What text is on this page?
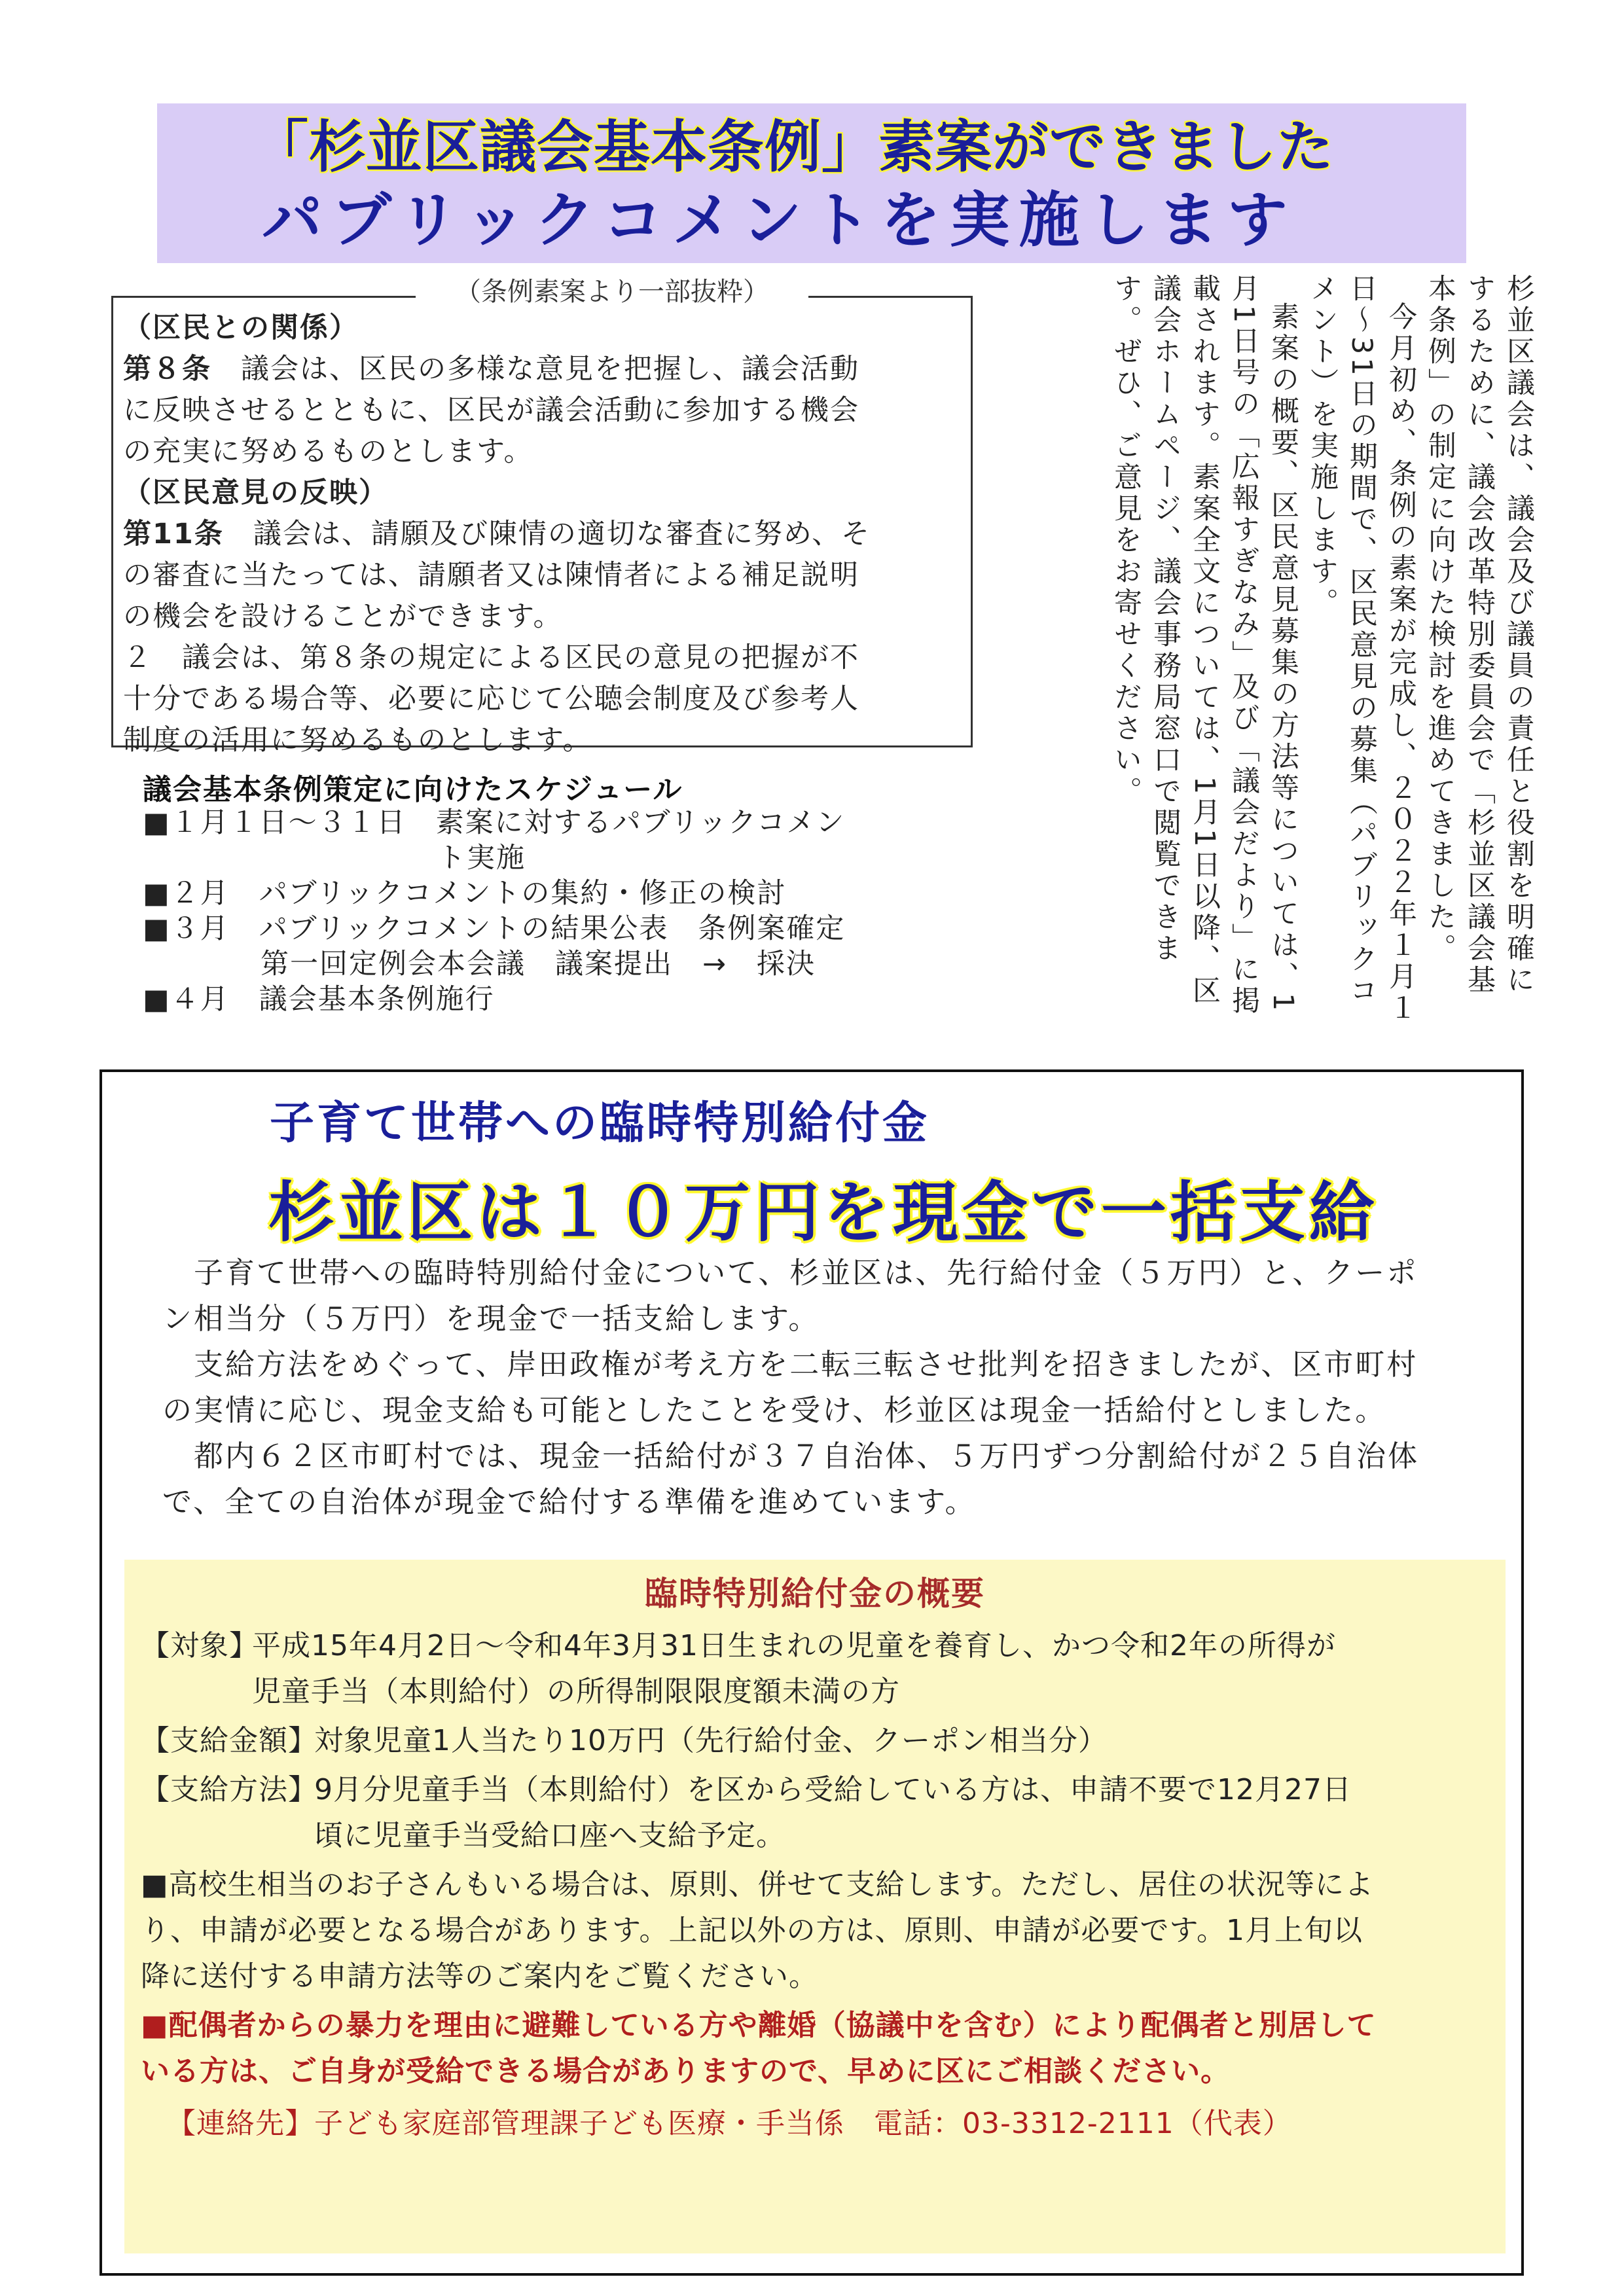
「杉並区議会基本条例」素案ができました
パブリックコメントを実施します
（条例素案より一部抜粋）
（区民との関係）
第８条　議会は、区民の多様な意見を把握し、議会活動
に反映させるとともに、区民が議会活動に参加する機会
の充実に努めるものとします。
（区民意見の反映）
第11条　議会は、請願及び陳情の適切な審査に努め、そ
の審査に当たっては、請願者又は陳情者による補足説明
の機会を設けることができます。
２　議会は、第８条の規定による区民の意見の把握が不
十分である場合等、必要に応じて公聴会制度及び参考人
制度の活用に努めるものとします。	杉並区議会は、議会及び議員の責任と役割を明確にするために、議会改革特別委員会で「杉並区議会基本条例」の制定に向けた検討を進めてきました。

今月初め、条例の素案が完成し、２０２２年１月１日〜31日の期間で、区民意見の募集（パブリックコメント）を実施します。

素案の概要、区民意見募集の方法等については、1月1日号の「広報すぎなみ」及び「議会だより」に掲載されます。素案全文については、1月1日以降、区議会ホームページ、議会事務局窓口で閲覧できます。ぜひ、ご意見をお寄せください。

議会基本条例策定に向けたスケジュール
■１月１日〜３１日　素案に対するパブリックコメン
　　　　　　　　　　ト実施
■２月　パブリックコメントの集約・修正の検討
■３月　パブリックコメントの結果公表　条例案確定
　　　　第一回定例会本会議　議案提出　→　採決
■４月　議会基本条例施行
子育て世帯への臨時特別給付金
杉並区は１０万円を現金で一括支給
　子育て世帯への臨時特別給付金について、杉並区は、先行給付金（５万円）と、クーポ
ン相当分（５万円）を現金で一括支給します。
　支給方法をめぐって、岸田政権が考え方を二転三転させ批判を招きましたが、区市町村
の実情に応じ、現金支給も可能としたことを受け、杉並区は現金一括給付としました。
　都内６２区市町村では、現金一括給付が３７自治体、５万円ずつ分割給付が２５自治体
で、全ての自治体が現金で給付する準備を進めています。
臨時特別給付金の概要
【対象】
平成15年4月2日〜令和4年3月31日生まれの児童を養育し、かつ令和2年の所得が
児童手当（本則給付）の所得制限限度額未満の方
【支給金額】
対象児童1人当たり10万円（先行給付金、クーポン相当分）
【支給方法】
9月分児童手当（本則給付）を区から受給している方は、申請不要で12月27日
頃に児童手当受給口座へ支給予定。
■高校生相当のお子さんもいる場合は、原則、併せて支給します。ただし、居住の状況等によ
り、申請が必要となる場合があります。上記以外の方は、原則、申請が必要です。1月上旬以
降に送付する申請方法等のご案内をご覧ください。
■配偶者からの暴力を理由に避難している方や離婚（協議中を含む）により配偶者と別居して
いる方は、ご自身が受給できる場合がありますので、早めに区にご相談ください。
【連絡先】子ども家庭部管理課子ども医療・手当係　電話：03-3312-2111（代表）
